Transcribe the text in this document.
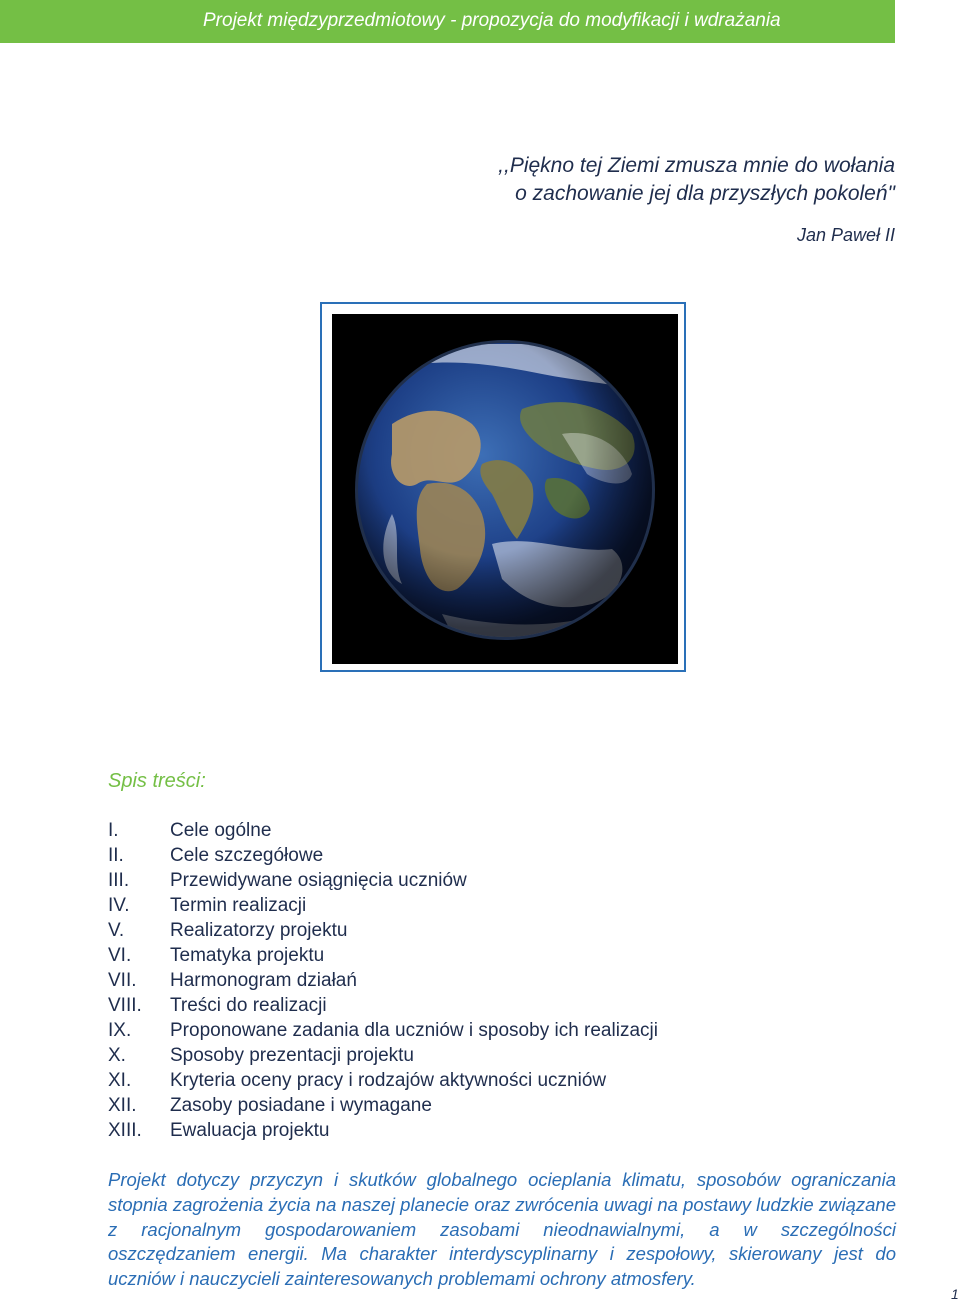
Projekt międzyprzedmiotowy - propozycja do modyfikacji i wdrażania
,,Piękno tej Ziemi zmusza mnie do wołania
o zachowanie jej dla przyszłych pokoleń"
Jan Paweł II
Spis treści:
I.	Cele ogólne
II. Cele szczegółowe
III. Przewidywane osiągnięcia uczniów
IV. Termin realizacji
V. Realizatorzy projektu
VI. Tematyka projektu
VII. Harmonogram działań
VIII. Treści do realizacji
IX. Proponowane zadania dla uczniów i sposoby ich realizacji
X. Sposoby prezentacji projektu
XI. Kryteria oceny pracy i rodzajów aktywności uczniów
XII. Zasoby posiadane i wymagane
XIII. Ewaluacja projektu

Projekt dotyczy przyczyn i skutków globalnego ocieplania klimatu, sposobów ograniczania stopnia zagrożenia życia na naszej planecie oraz zwrócenia uwagi na postawy ludzkie związane z racjonalnym gospodarowaniem zasobami nieodnawialnymi, a w szczególności oszczędzaniem energii. Ma charakter interdyscyplinarny i zespołowy, skierowany jest do uczniów i nauczycieli zainteresowanych problemami ochrony atmosfery.

1
